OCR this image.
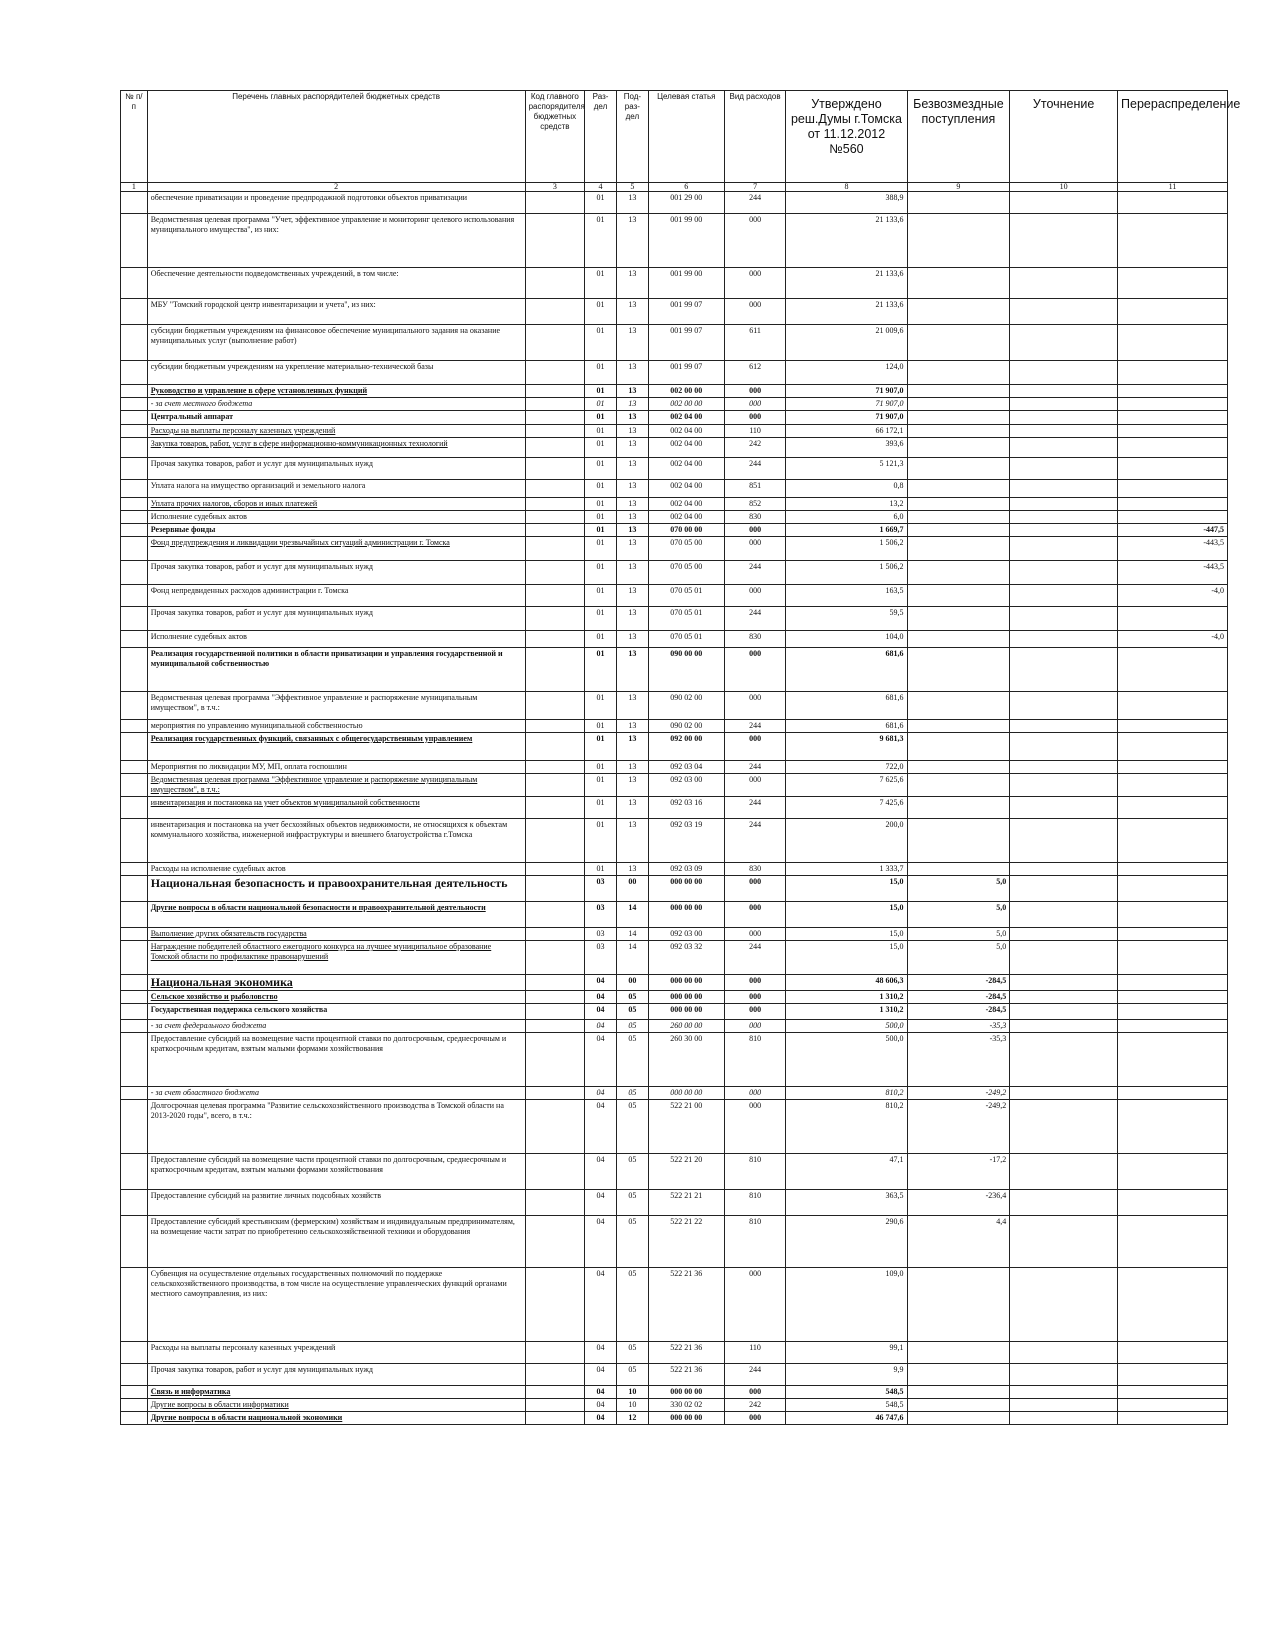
№ п/п	Перечень главных распорядителей бюджетных средств	Код главного распорядителя бюджетных средств	Раз-дел	Под-раз-дел	Целевая статья	Вид расходов	Утверждено реш.Думы г.Томска от 11.12.2012 №560	Безвозмездные поступления	Уточнение	Перераспределение
1	2	3	4	5	6	7	8	9	10	11
	обеспечение приватизации и проведение предпродажной подготовки объектов приватизации		01	13	001 29 00	244	388,9			
	Ведомственная целевая программа "Учет, эффективное управление и мониторинг целевого использования муниципального имущества", из них:		01	13	001 99 00	000	21 133,6			
	Обеспечение деятельности подведомственных учреждений, в том числе:		01	13	001 99 00	000	21 133,6			
	МБУ "Томский городской центр инвентаризации и учета", из них:		01	13	001 99 07	000	21 133,6			
	субсидии бюджетным учреждениям на финансовое обеспечение муниципального задания на оказание муниципальных услуг (выполнение работ)		01	13	001 99 07	611	21 009,6			
	субсидии бюджетным учреждениям на укрепление материально-технической базы		01	13	001 99 07	612	124,0			
	Руководство и управление в сфере установленных функций		01	13	002 00 00	000	71 907,0			
	- за счет местного бюджета		01	13	002 00 00	000	71 907,0			
	Центральный аппарат		01	13	002 04 00	000	71 907,0			
	Расходы на выплаты персоналу казенных учреждений		01	13	002 04 00	110	66 172,1			
	Закупка товаров, работ, услуг в сфере информационно-коммуникационных технологий		01	13	002 04 00	242	393,6			
	Прочая закупка товаров, работ и услуг для муниципальных нужд		01	13	002 04 00	244	5 121,3			
	Уплата налога на имущество организаций и земельного налога		01	13	002 04 00	851	0,8			
	Уплата прочих налогов, сборов и иных платежей		01	13	002 04 00	852	13,2			
	Исполнение судебных актов		01	13	002 04 00	830	6,0			
	Резервные фонды		01	13	070 00 00	000	1 669,7			-447,5
	Фонд предупреждения и ликвидации чрезвычайных ситуаций администрации г. Томска		01	13	070 05 00	000	1 506,2			-443,5
	Прочая закупка товаров, работ и услуг для муниципальных нужд		01	13	070 05 00	244	1 506,2			-443,5
	Фонд непредвиденных расходов администрации г. Томска		01	13	070 05 01	000	163,5			-4,0
	Прочая закупка товаров, работ и услуг для муниципальных нужд		01	13	070 05 01	244	59,5			
	Исполнение судебных актов		01	13	070 05 01	830	104,0			-4,0
	Реализация государственной политики в области приватизации и управления государственной и муниципальной собственностью		01	13	090 00 00	000	681,6			
	Ведомственная целевая программа "Эффективное управление и распоряжение муниципальным имуществом", в т.ч.:		01	13	090 02 00	000	681,6			
	мероприятия по управлению муниципальной собственностью		01	13	090 02 00	244	681,6			
	Реализация государственных функций, связанных с общегосударственным управлением		01	13	092 00 00	000	9 681,3			
	Мероприятия по ликвидации МУ, МП, оплата госпошлин		01	13	092 03 04	244	722,0			
	Ведомственная целевая программа "Эффективное управление и распоряжение муниципальным имуществом", в т.ч.:		01	13	092 03 00	000	7 625,6			
	инвентаризация и постановка на учет объектов муниципальной собственности		01	13	092 03 16	244	7 425,6			
	инвентаризация и постановка на учет бесхозяйных объектов недвижимости, не относящихся к объектам коммунального хозяйства, инженерной инфраструктуры и внешнего благоустройства г.Томска		01	13	092 03 19	244	200,0			
	Расходы на исполнение судебных актов		01	13	092 03 09	830	1 333,7			
	Национальная безопасность и правоохранительная деятельность		03	00	000 00 00	000	15,0	5,0		
	Другие вопросы в области национальной безопасности и правоохранительной деятельности		03	14	000 00 00	000	15,0	5,0		
	Выполнение других обязательств государства		03	14	092 03 00	000	15,0	5,0		
	Награждение победителей областного ежегодного конкурса на лучшее муниципальное образование Томской области по профилактике правонарушений		03	14	092 03 32	244	15,0	5,0		
	Национальная экономика		04	00	000 00 00	000	48 606,3	-284,5		
	Сельское хозяйство и рыболовство		04	05	000 00 00	000	1 310,2	-284,5		
	Государственная поддержка сельского хозяйства		04	05	000 00 00	000	1 310,2	-284,5		
	- за счет федерального бюджета		04	05	260 00 00	000	500,0	-35,3		
	Предоставление субсидий на возмещение части процентной ставки по долгосрочным, среднесрочным и краткосрочным кредитам, взятым малыми формами хозяйствования		04	05	260 30 00	810	500,0	-35,3		
	- за счет областного бюджета		04	05	000 00 00	000	810,2	-249,2		
	Долгосрочная целевая программа "Развитие сельскохозяйственного производства в Томской области на 2013-2020 годы", всего, в т.ч.:		04	05	522 21 00	000	810,2	-249,2		
	Предоставление субсидий на возмещение части процентной ставки по долгосрочным, среднесрочным и краткосрочным кредитам, взятым малыми формами хозяйствования		04	05	522 21 20	810	47,1	-17,2		
	Предоставление субсидий на развитие личных подсобных хозяйств		04	05	522 21 21	810	363,5	-236,4		
	Предоставление субсидий крестьянским (фермерским) хозяйствам и индивидуальным предпринимателям, на возмещение части затрат по приобретению сельскохозяйственной техники и оборудования		04	05	522 21 22	810	290,6	4,4		
	Субвенция на осуществление отдельных государственных полномочий по поддержке сельскохозяйственного производства, в том числе на осуществление управленческих функций органами местного самоуправления, из них:		04	05	522 21 36	000	109,0			
	Расходы на выплаты персоналу казенных учреждений		04	05	522 21 36	110	99,1			
	Прочая закупка товаров, работ и услуг для муниципальных нужд		04	05	522 21 36	244	9,9			
	Связь и информатика		04	10	000 00 00	000	548,5			
	Другие вопросы в области информатики		04	10	330 02 02	242	548,5			
	Другие вопросы в области национальной экономики		04	12	000 00 00	000	46 747,6			
